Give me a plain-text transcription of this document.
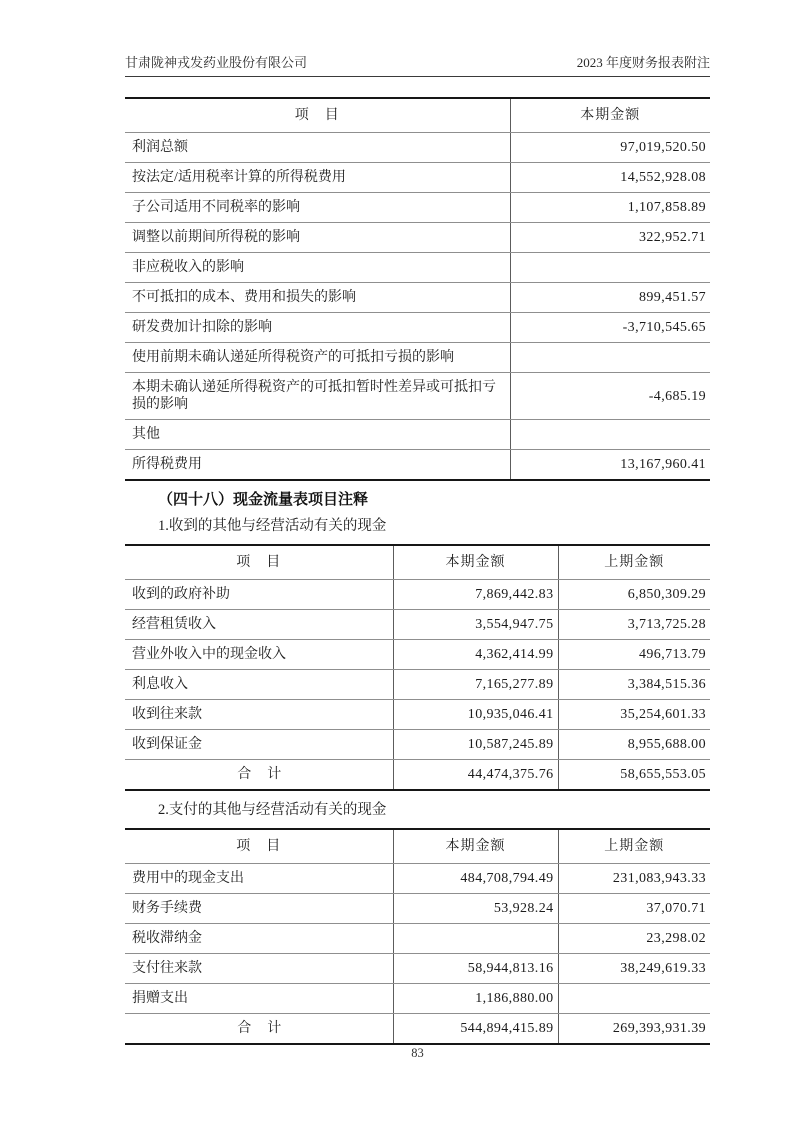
甘肃陇神戎发药业股份有限公司	2023 年度财务报表附注
项　目	本期金额
利润总额	97,019,520.50
按法定/适用税率计算的所得税费用	14,552,928.08
子公司适用不同税率的影响	1,107,858.89
调整以前期间所得税的影响	322,952.71
非应税收入的影响	
不可抵扣的成本、费用和损失的影响	899,451.57
研发费加计扣除的影响	-3,710,545.65
使用前期未确认递延所得税资产的可抵扣亏损的影响	
本期未确认递延所得税资产的可抵扣暂时性差异或可抵扣亏损的影响	-4,685.19
其他	
所得税费用	13,167,960.41
（四十八）现金流量表项目注释
1.收到的其他与经营活动有关的现金
项　目	本期金额	上期金额
收到的政府补助	7,869,442.83	6,850,309.29
经营租赁收入	3,554,947.75	3,713,725.28
营业外收入中的现金收入	4,362,414.99	496,713.79
利息收入	7,165,277.89	3,384,515.36
收到往来款	10,935,046.41	35,254,601.33
收到保证金	10,587,245.89	8,955,688.00
合　计	44,474,375.76	58,655,553.05
2.支付的其他与经营活动有关的现金
项　目	本期金额	上期金额
费用中的现金支出	484,708,794.49	231,083,943.33
财务手续费	53,928.24	37,070.71
税收滞纳金		23,298.02
支付往来款	58,944,813.16	38,249,619.33
捐赠支出	1,186,880.00	
合　计	544,894,415.89	269,393,931.39
83
